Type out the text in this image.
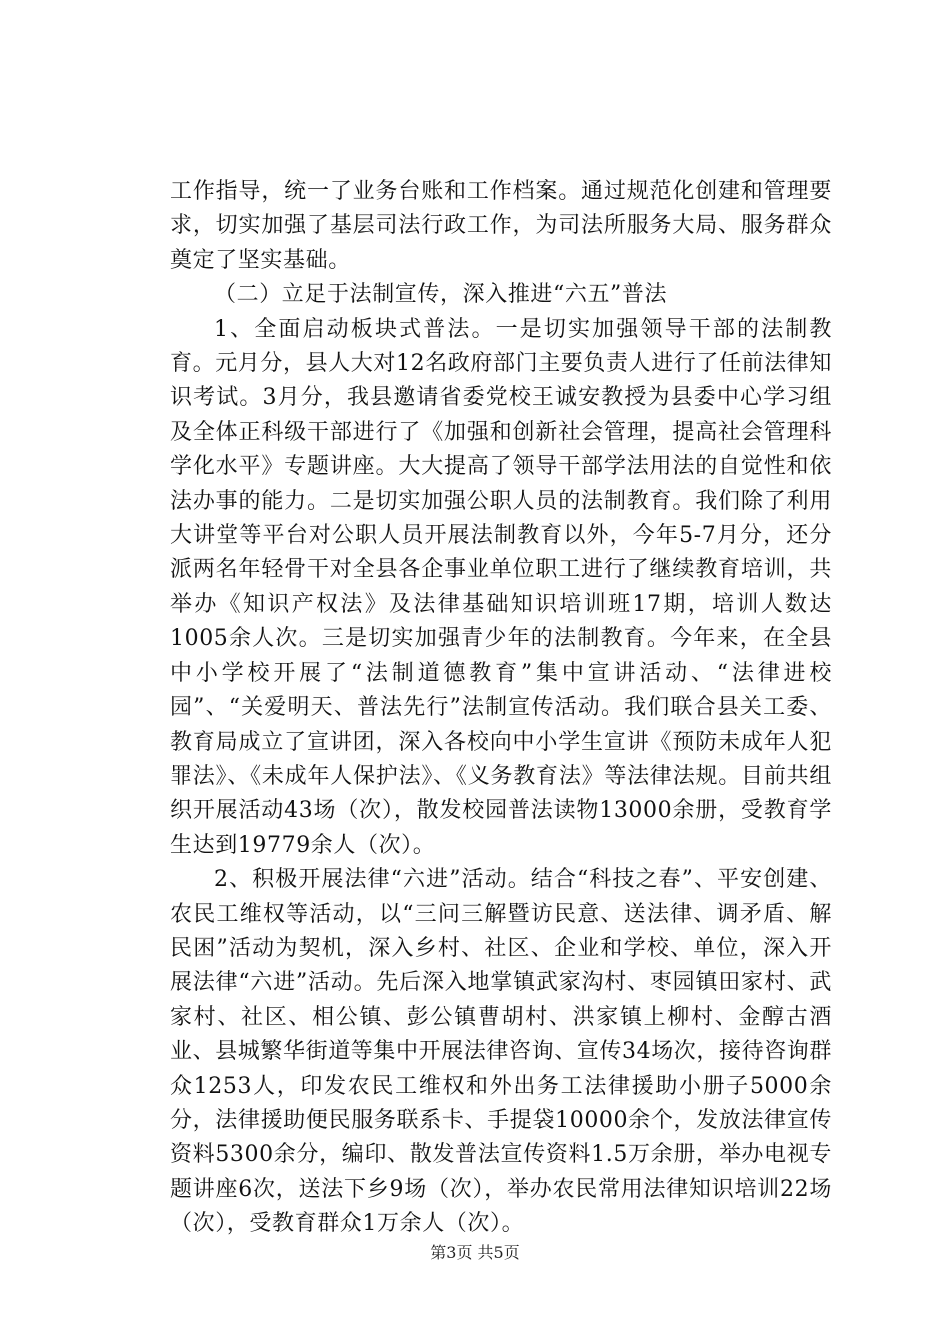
工作指导，统一了业务台账和工作档案。通过规范化创建和管理要求，切实加强了基层司法行政工作，为司法所服务大局、服务群众奠定了坚实基础。

（二）立足于法制宣传，深入推进“六五”普法

1、全面启动板块式普法。一是切实加强领导干部的法制教育。元月分，县人大对12名政府部门主要负责人进行了任前法律知识考试。3月分，我县邀请省委党校王诚安教授为县委中心学习组及全体正科级干部进行了《加强和创新社会管理，提高社会管理科学化水平》专题讲座。大大提高了领导干部学法用法的自觉性和依法办事的能力。二是切实加强公职人员的法制教育。我们除了利用大讲堂等平台对公职人员开展法制教育以外，今年5-7月分，还分派两名年轻骨干对全县各企事业单位职工进行了继续教育培训，共举办《知识产权法》及法律基础知识培训班17期，培训人数达1005余人次。三是切实加强青少年的法制教育。今年来，在全县中小学校开展了“法制道德教育”集中宣讲活动、“法律进校园”、“关爱明天、普法先行”法制宣传活动。我们联合县关工委、教育局成立了宣讲团，深入各校向中小学生宣讲《预防未成年人犯罪法》、《未成年人保护法》、《义务教育法》等法律法规。目前共组织开展活动43场（次），散发校园普法读物13000余册，受教育学生达到19779余人（次）。

2、积极开展法律“六进”活动。结合“科技之春”、平安创建、农民工维权等活动，以“三问三解暨访民意、送法律、调矛盾、解民困”活动为契机，深入乡村、社区、企业和学校、单位，深入开展法律“六进”活动。先后深入地掌镇武家沟村、枣园镇田家村、武家村、社区、相公镇、彭公镇曹胡村、洪家镇上柳村、金醇古酒业、县城繁华街道等集中开展法律咨询、宣传34场次，接待咨询群众1253人，印发农民工维权和外出务工法律援助小册子5000余分，法律援助便民服务联系卡、手提袋10000余个，发放法律宣传资料5300余分，编印、散发普法宣传资料1.5万余册，举办电视专题讲座6次，送法下乡9场（次），举办农民常用法律知识培训22场（次），受教育群众1万余人（次）。

第3页 共5页
